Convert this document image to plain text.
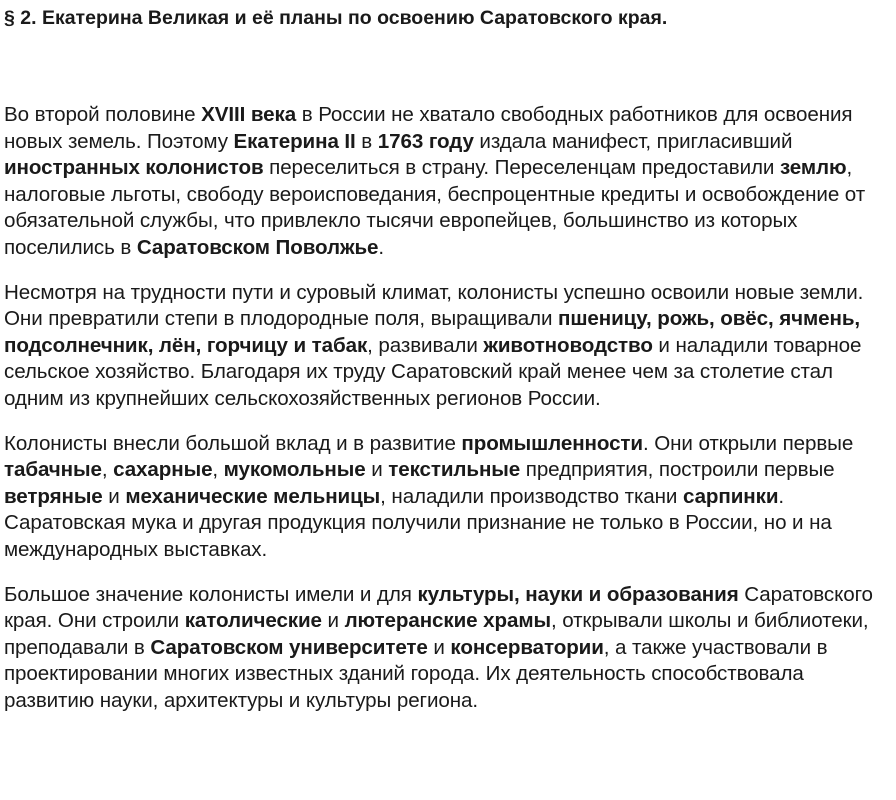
§ 2. Екатерина Великая и её планы по освоению Саратовского края.

Во второй половине XVIII века в России не хватало свободных работников для освоения новых земель. Поэтому Екатерина II в 1763 году издала манифест, пригласивший иностранных колонистов переселиться в страну. Переселенцам предоставили землю, налоговые льготы, свободу вероисповедания, беспроцентные кредиты и освобождение от обязательной службы, что привлекло тысячи европейцев, большинство из которых поселились в Саратовском Поволжье.

Несмотря на трудности пути и суровый климат, колонисты успешно освоили новые земли. Они превратили степи в плодородные поля, выращивали пшеницу, рожь, овёс, ячмень, подсолнечник, лён, горчицу и табак, развивали животноводство и наладили товарное сельское хозяйство. Благодаря их труду Саратовский край менее чем за столетие стал одним из крупнейших сельскохозяйственных регионов России.

Колонисты внесли большой вклад и в развитие промышленности. Они открыли первые табачные, сахарные, мукомольные и текстильные предприятия, построили первые ветряные и механические мельницы, наладили производство ткани сарпинки. Саратовская мука и другая продукция получили признание не только в России, но и на международных выставках.

Большое значение колонисты имели и для культуры, науки и образования Саратовского края. Они строили католические и лютеранские храмы, открывали школы и библиотеки, преподавали в Саратовском университете и консерватории, а также участвовали в проектировании многих известных зданий города. Их деятельность способствовала развитию науки, архитектуры и культуры региона.
